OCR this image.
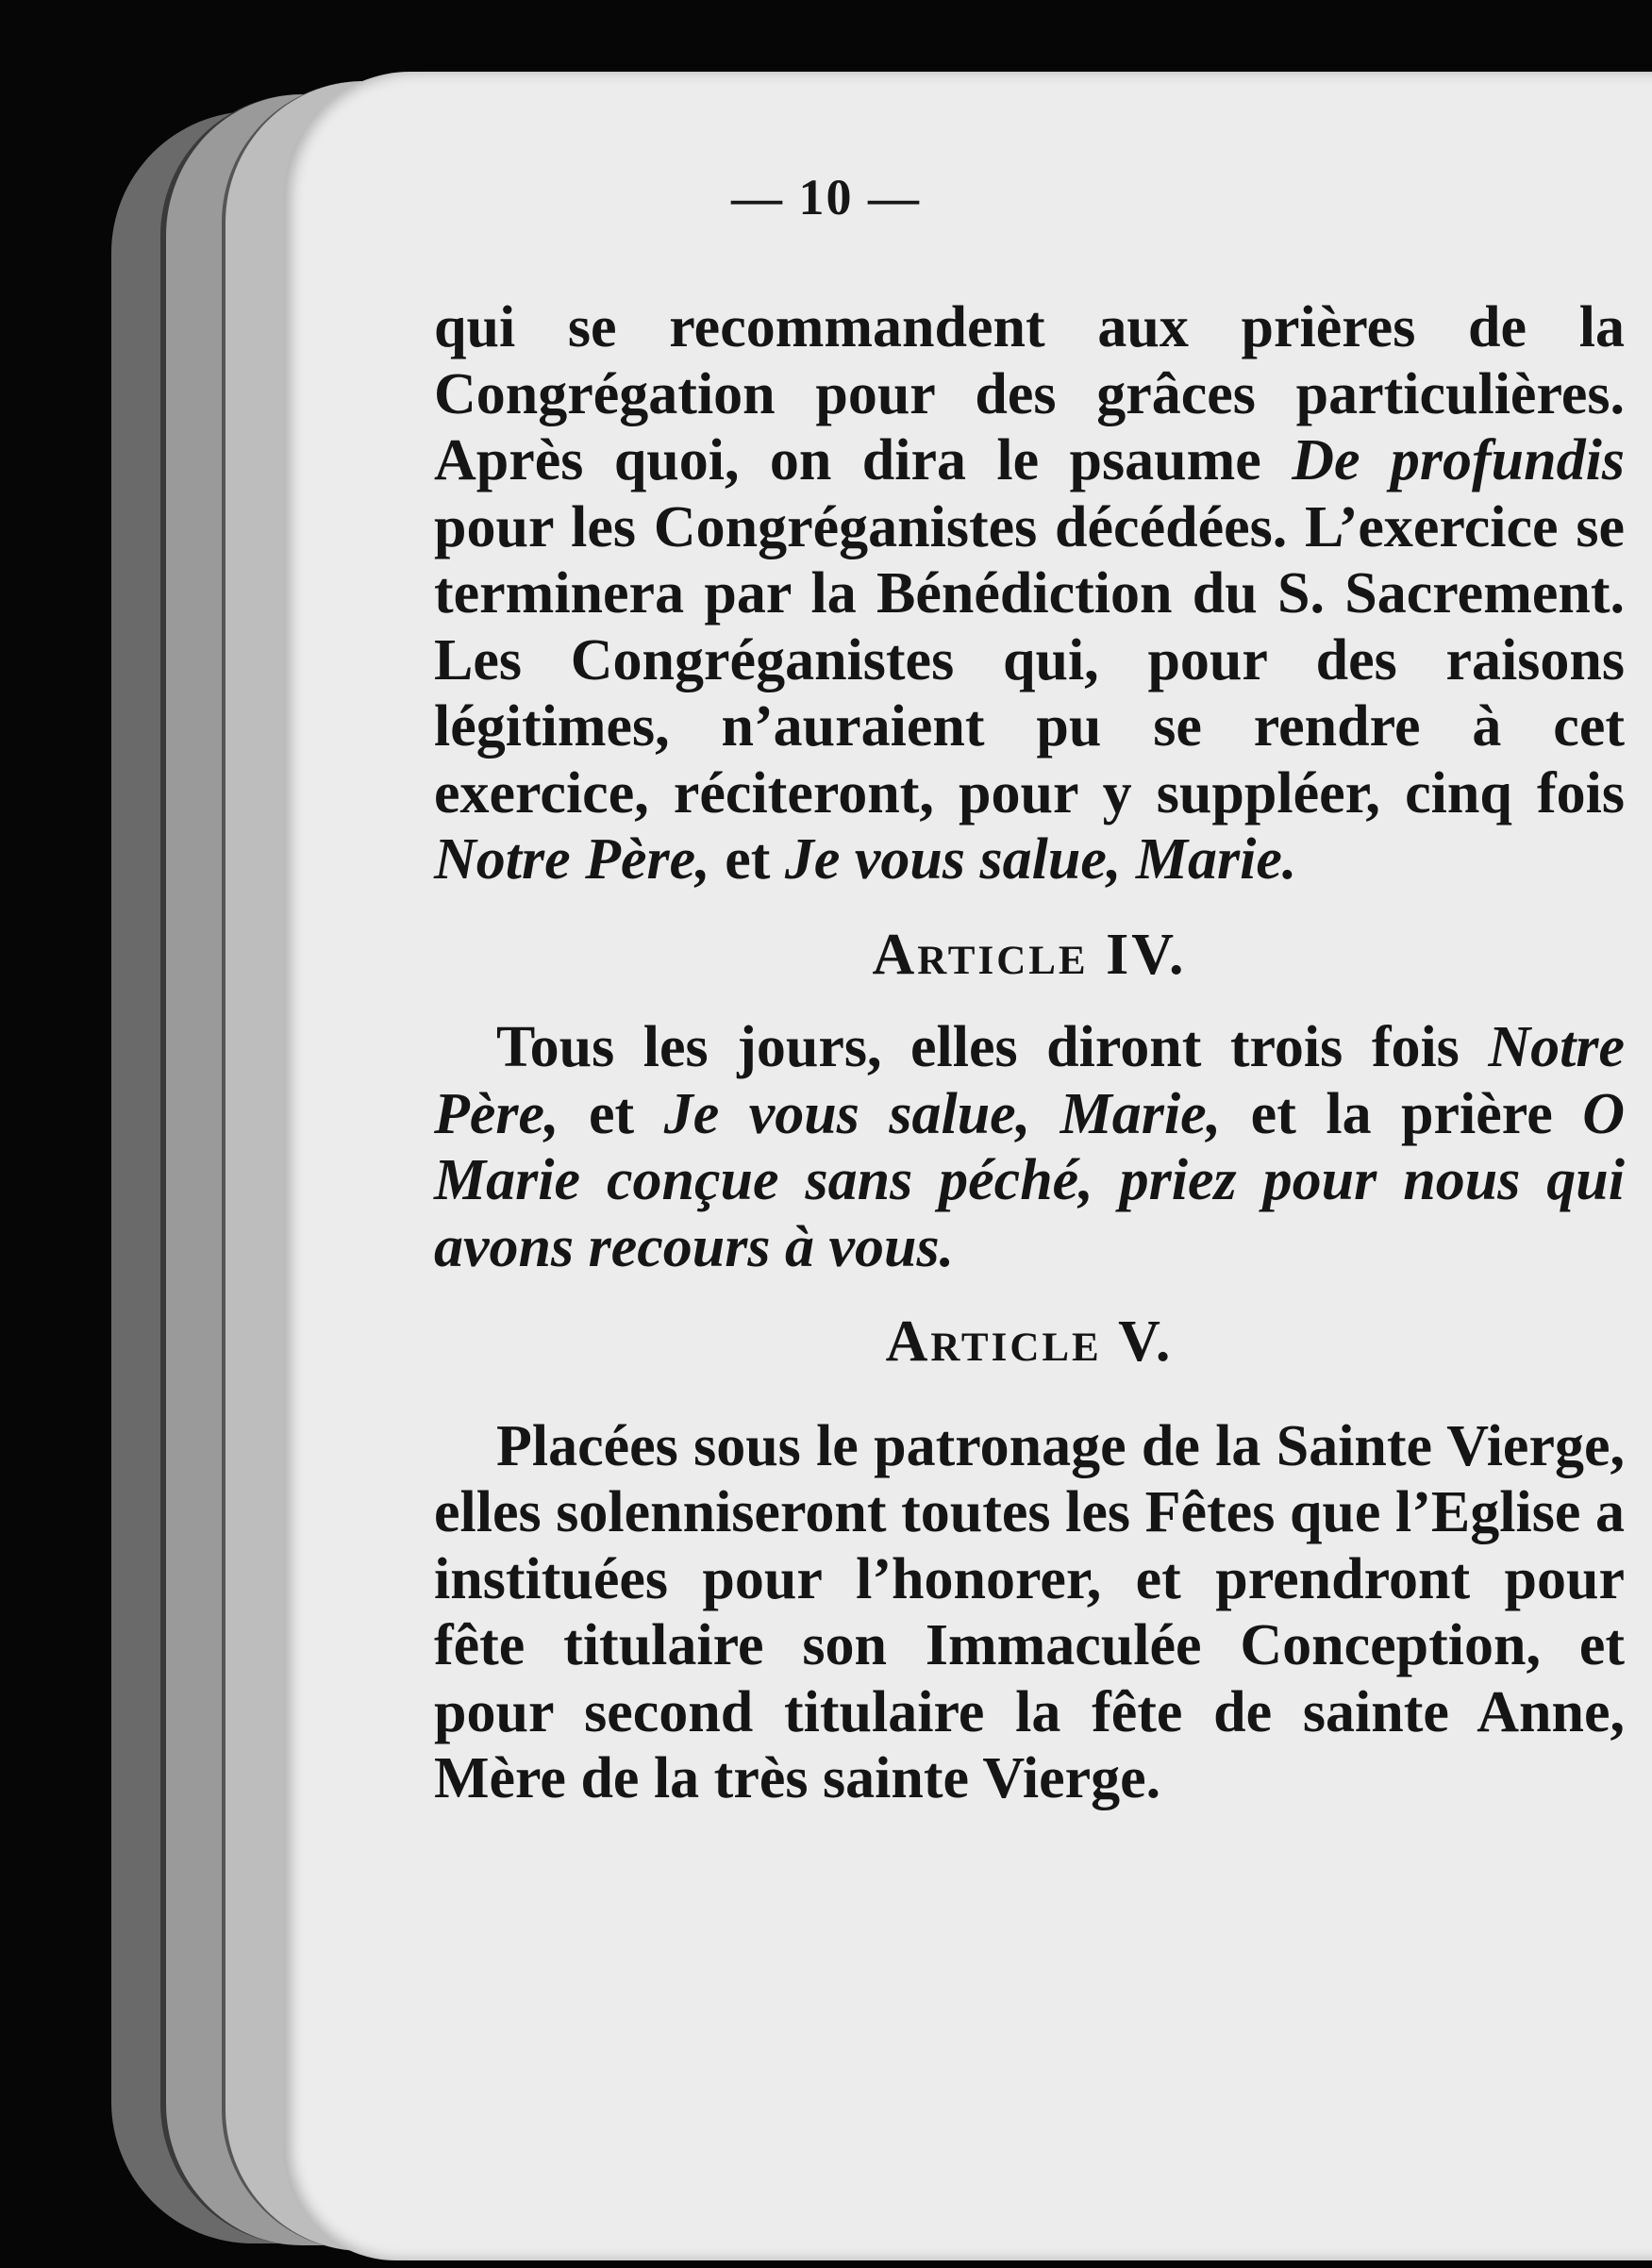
— 10 —

qui se recommandent aux prières de la Congrégation pour des grâces particulières. Après quoi, on dira le psaume De profundis pour les Congréganistes décédées. L’exercice se terminera par la Bénédiction du S. Sacrement. Les Congréganistes qui, pour des raisons légitimes, n’auraient pu se rendre à cet exercice, réciteront, pour y suppléer, cinq fois Notre Père, et Je vous salue, Marie.

Article IV.

Tous les jours, elles diront trois fois Notre Père, et Je vous salue, Marie, et la prière O Marie conçue sans péché, priez pour nous qui avons recours à vous.

Article V.

Placées sous le patronage de la Sainte Vierge, elles solenniseront toutes les Fêtes que l’Eglise a instituées pour l’honorer, et prendront pour fête titulaire son Immaculée Conception, et pour second titulaire la fête de sainte Anne, Mère de la très sainte Vierge.
